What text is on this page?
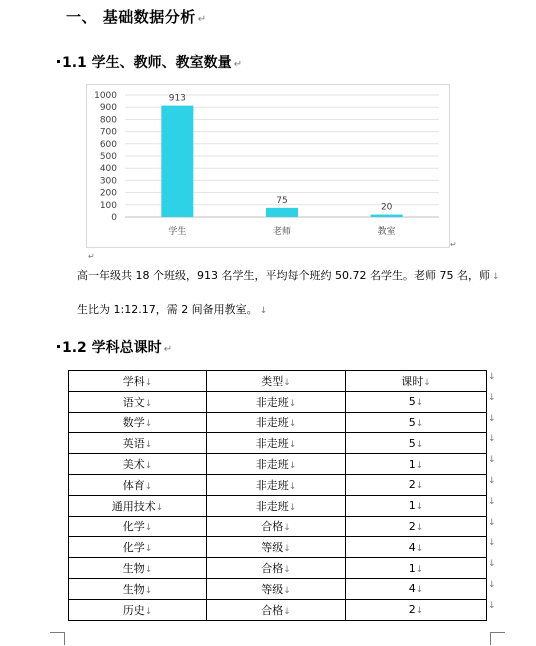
一、 基础数据分析 ↵
1.1 学生、教师、教室数量 ↵
0
100
200
300
400
500
600
700
800
900
1000	913
学生
75
老师
20
教室
↵
↵
高一年级共 18 个班级，913 名学生，平均每个班约 50.72 名学生。老师 75 名，师 ↓
生比为 1:12.17，需 2 间备用教室。 ↓
1.2 学科总课时 ↵
学科↓	类型↓	课时↓
语文↓	非走班↓	5↓
数学↓	非走班↓	5↓
英语↓	非走班↓	5↓
美术↓	非走班↓	1↓
体育↓	非走班↓	2↓
通用技术↓	非走班↓	1↓
化学↓	合格↓	2↓
化学↓	等级↓	4↓
生物↓	合格↓	1↓
生物↓	等级↓	4↓
历史↓	合格↓	2↓
↓
↓
↓
↓
↓
↓
↓
↓
↓
↓
↓
↓
